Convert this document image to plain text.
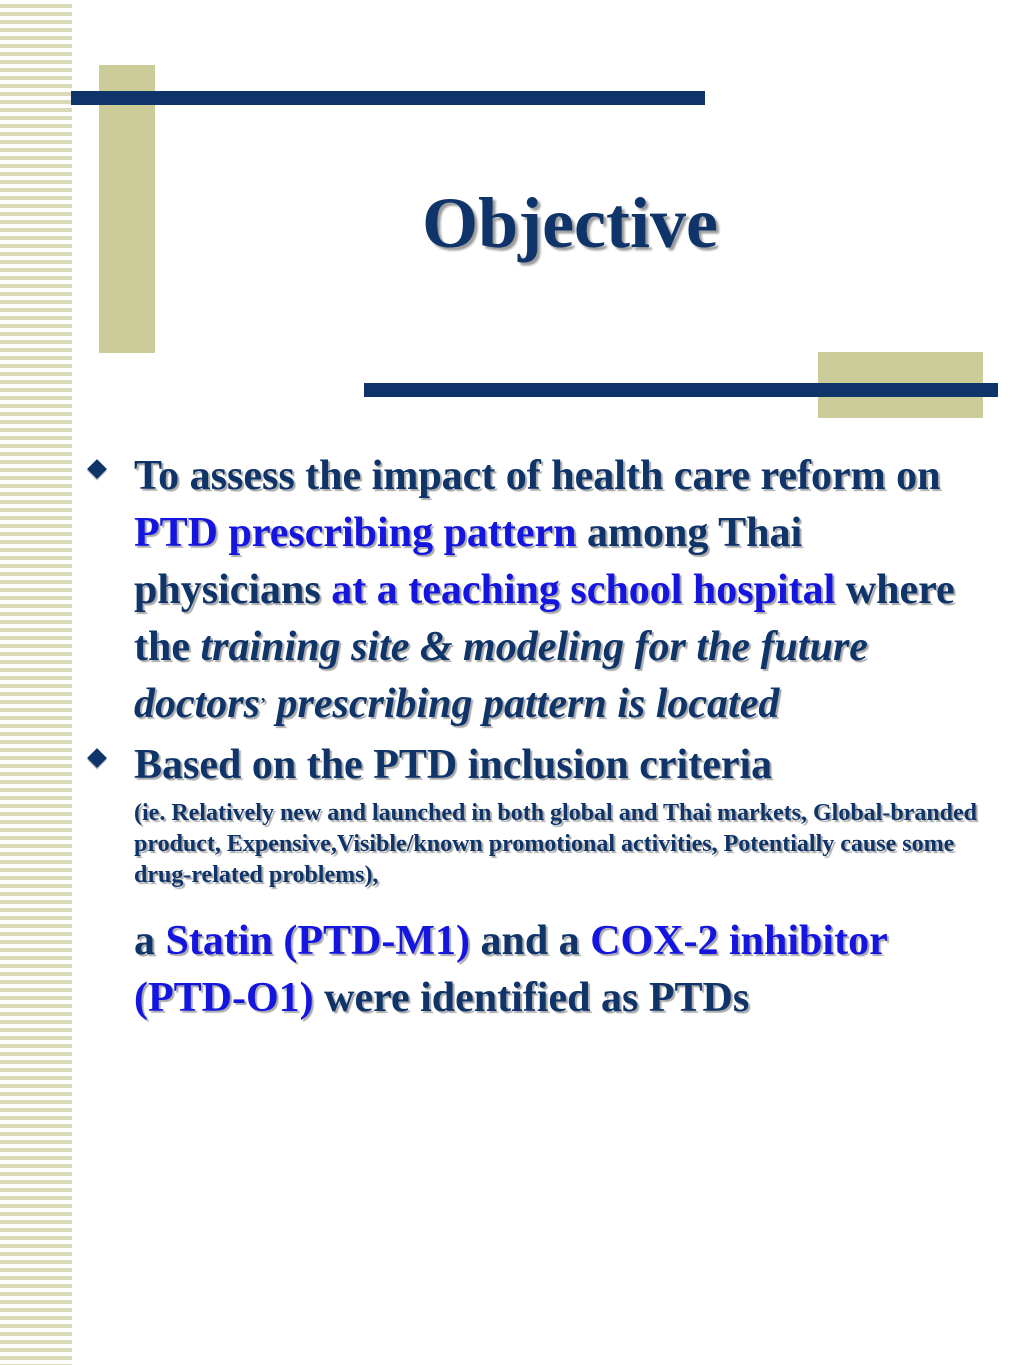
Objective
To assess the impact of health care reform on PTD prescribing pattern among Thai physicians at a teaching school hospital where the training site & modeling for the future doctors’ prescribing pattern is located
Based on the PTD inclusion criteria
(ie. Relatively new and launched in both global and Thai markets, Global-branded product, Expensive,Visible/known promotional activities, Potentially cause some drug-related problems),
a Statin (PTD-M1) and a COX-2 inhibitor (PTD-O1) were identified as PTDs
